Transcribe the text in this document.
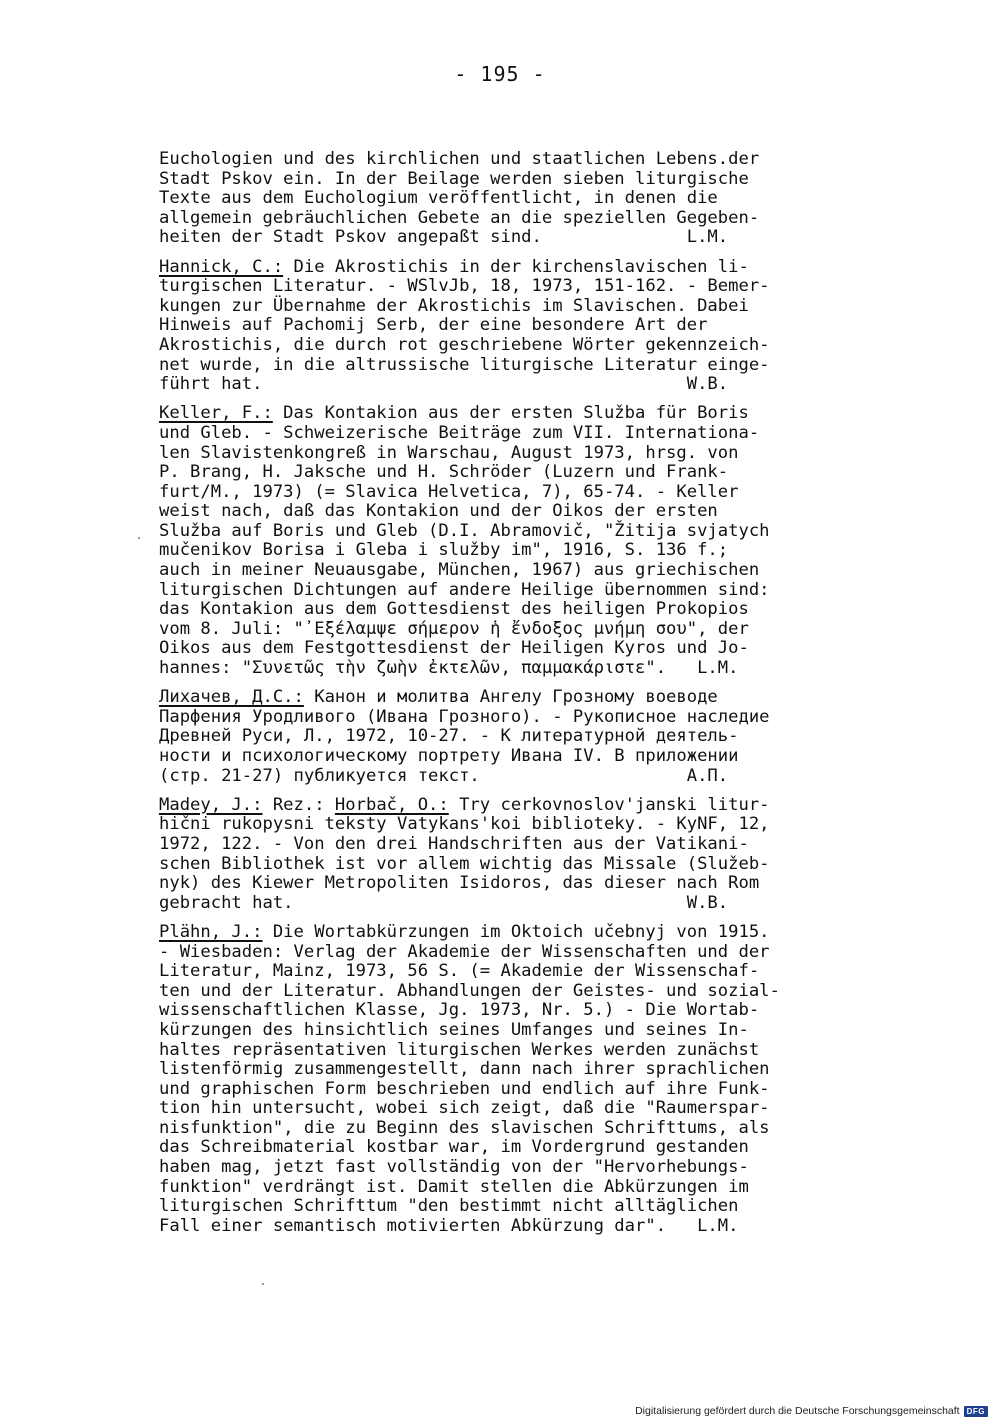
- 195 -
Euchologien und des kirchlichen und staatlichen Lebens.der
Stadt Pskov ein. In der Beilage werden sieben liturgische
Texte aus dem Euchologium veröffentlicht, in denen die
allgemein gebräuchlichen Gebete an die speziellen Gegeben-
heiten der Stadt Pskov angepaßt sind.              L.M.
Hannick, C.: Die Akrostichis in der kirchenslavischen li-
turgischen Literatur. - WSlvJb, 18, 1973, 151-162. - Bemer-
kungen zur Übernahme der Akrostichis im Slavischen. Dabei
Hinweis auf Pachomij Serb, der eine besondere Art der
Akrostichis, die durch rot geschriebene Wörter gekennzeich-
net wurde, in die altrussische liturgische Literatur einge-
führt hat.                                         W.B.
Keller, F.: Das Kontakion aus der ersten Služba für Boris
und Gleb. - Schweizerische Beiträge zum VII. Internationa-
len Slavistenkongreß in Warschau, August 1973, hrsg. von
P. Brang, H. Jaksche und H. Schröder (Luzern und Frank-
furt/M., 1973) (= Slavica Helvetica, 7), 65-74. - Keller
weist nach, daß das Kontakion und der Oikos der ersten
Služba auf Boris und Gleb (D.I. Abramovič, "Žitija svjatych
mučenikov Borisa i Gleba i služby im", 1916, S. 136 f.;
auch in meiner Neuausgabe, München, 1967) aus griechischen
liturgischen Dichtungen auf andere Heilige übernommen sind:
das Kontakion aus dem Gottesdienst des heiligen Prokopios
vom 8. Juli: "᾿Εξέλαμψε σήμερον ἡ ἔνδοξος μνήμη σου", der
Oikos aus dem Festgottesdienst der Heiligen Kyros und Jo-
hannes: "Συνετῶς τὴν ζωὴν ἐκτελῶν, παμμακάριστε".   L.M.
Лихачев, Д.С.: Канон и молитва Ангелу Грозному воеводе
Парфения Уродливого (Ивана Грозного). - Рукописное наследие
Древней Руси, Л., 1972, 10-27. - К литературной деятель-
ности и психологическому портрету Ивана IV. В приложении
(стр. 21-27) публикуется текст.                    А.П.
Madey, J.: Rez.: Horbač, O.: Try cerkovnoslov'janski litur-
hični rukopysni teksty Vatykans'koi biblioteky. - KyNF, 12,
1972, 122. - Von den drei Handschriften aus der Vatikani-
schen Bibliothek ist vor allem wichtig das Missale (Služeb-
nyk) des Kiewer Metropoliten Isidoros, das dieser nach Rom
gebracht hat.                                      W.B.
Plähn, J.: Die Wortabkürzungen im Oktoich učebnyj von 1915.
- Wiesbaden: Verlag der Akademie der Wissenschaften und der
Literatur, Mainz, 1973, 56 S. (= Akademie der Wissenschaf-
ten und der Literatur. Abhandlungen der Geistes- und sozial-
wissenschaftlichen Klasse, Jg. 1973, Nr. 5.) - Die Wortab-
kürzungen des hinsichtlich seines Umfanges und seines In-
haltes repräsentativen liturgischen Werkes werden zunächst
listenförmig zusammengestellt, dann nach ihrer sprachlichen
und graphischen Form beschrieben und endlich auf ihre Funk-
tion hin untersucht, wobei sich zeigt, daß die "Raumerspar-
nisfunktion", die zu Beginn des slavischen Schrifttums, als
das Schreibmaterial kostbar war, im Vordergrund gestanden
haben mag, jetzt fast vollständig von der "Hervorhebungs-
funktion" verdrängt ist. Damit stellen die Abkürzungen im
liturgischen Schrifttum "den bestimmt nicht alltäglichen
Fall einer semantisch motivierten Abkürzung dar".   L.M.
Digitalisierung gefördert durch die Deutsche Forschungsgemeinschaft DFG
